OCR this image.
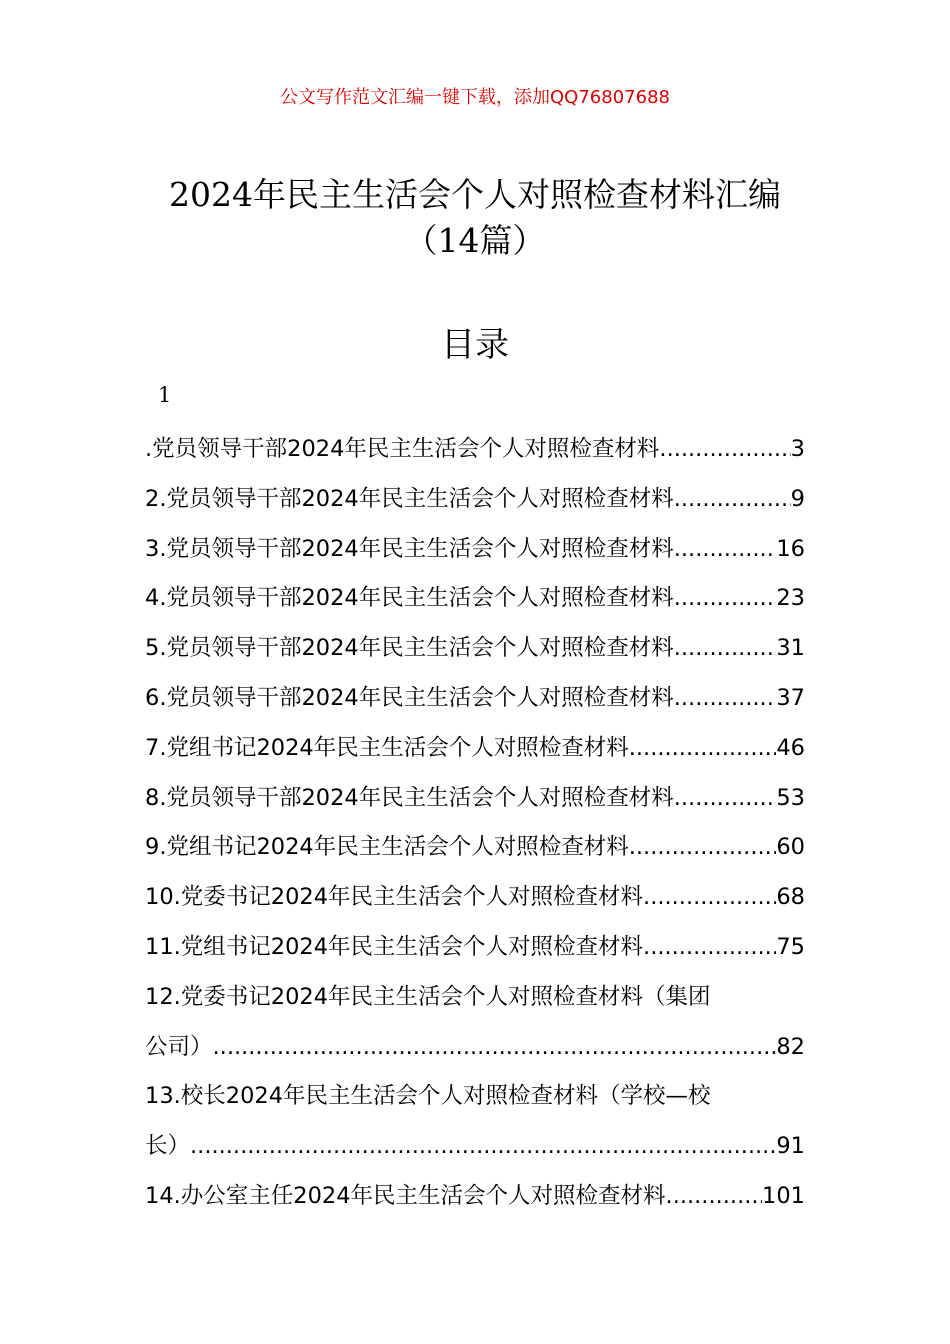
公文写作范文汇编一键下载，添加QQ76807688
2024年民主生活会个人对照检查材料汇编
（14篇）
目录
1
.党员领导干部2024年民主生活会个人对照检查材料 .....	3
2.党员领导干部2024年民主生活会个人对照检查材料 .....	9
3.党员领导干部2024年民主生活会个人对照检查材料 .....	16
4.党员领导干部2024年民主生活会个人对照检查材料 .....	23
5.党员领导干部2024年民主生活会个人对照检查材料 .....	31
6.党员领导干部2024年民主生活会个人对照检查材料 .....	37
7.党组书记2024年民主生活会个人对照检查材料 .....	46
8.党员领导干部2024年民主生活会个人对照检查材料 .....	53
9.党组书记2024年民主生活会个人对照检查材料 .....	60
10.党委书记2024年民主生活会个人对照检查材料 .....	68
11.党组书记2024年民主生活会个人对照检查材料 .....	75
12.党委书记2024年民主生活会个人对照检查材料（集团
公司） .....	82
13.校长2024年民主生活会个人对照检查材料（学校—校
长） .....	91
14.办公室主任2024年民主生活会个人对照检查材料 .....	101
